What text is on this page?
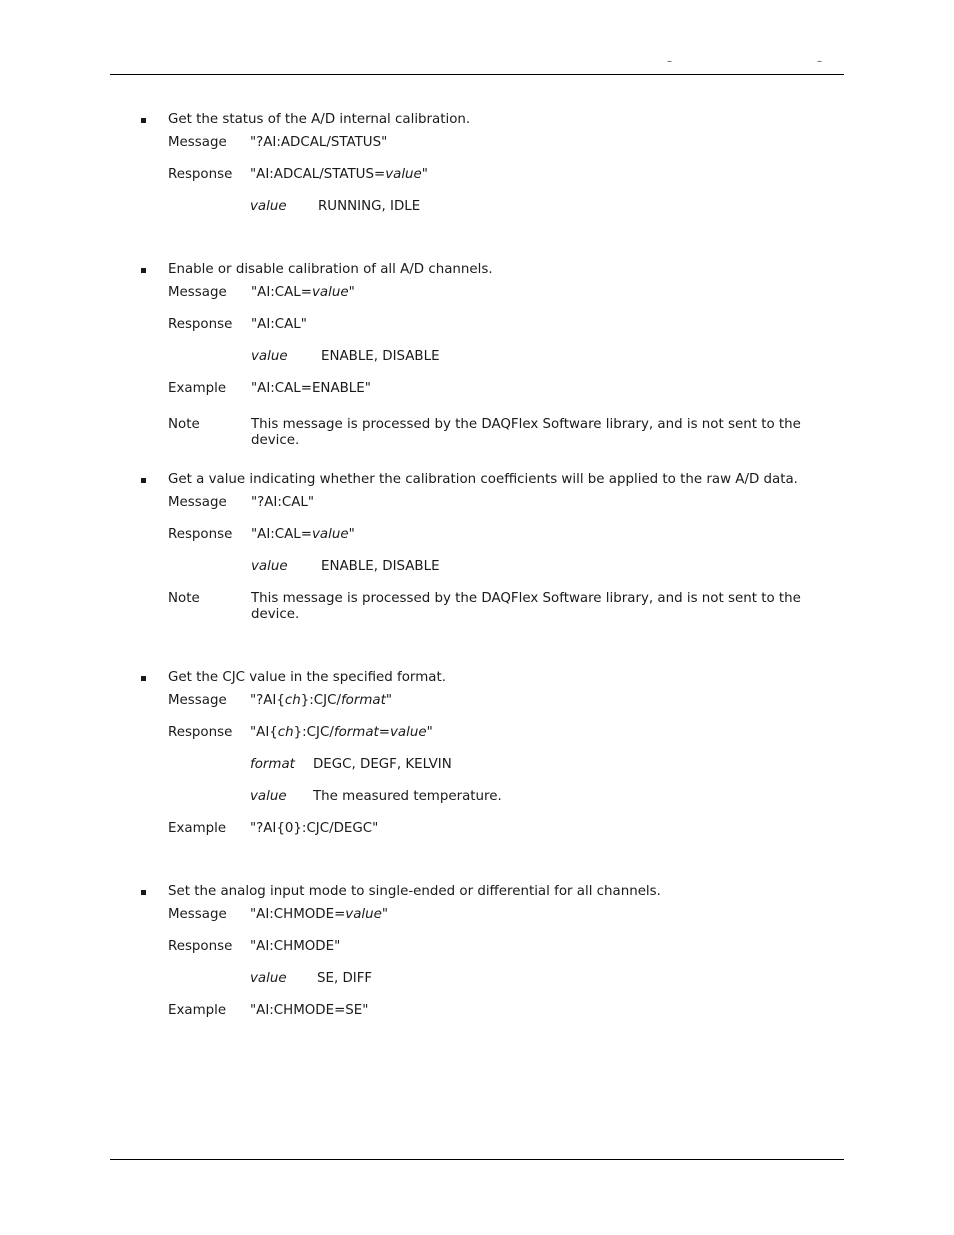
–	–
Get the status of the A/D internal calibration.
Message "?AI:ADCAL/STATUS"
Response "AI:ADCAL/STATUS=value"
value RUNNING, IDLE
Enable or disable calibration of all A/D channels.
Message "AI:CAL=value"
Response "AI:CAL"
value ENABLE, DISABLE
Example "AI:CAL=ENABLE"
Note	This message is processed by the DAQFlex Software library, and is not sent to the device.
Get a value indicating whether the calibration coefficients will be applied to the raw A/D data.
Message "?AI:CAL"
Response "AI:CAL=value"
value ENABLE, DISABLE
Note	This message is processed by the DAQFlex Software library, and is not sent to the device.
Get the CJC value in the specified format.
Message "?AI{ch}:CJC/format"
Response "AI{ch}:CJC/format=value"
format DEGC, DEGF, KELVIN
value The measured temperature.
Example "?AI{0}:CJC/DEGC"
Set the analog input mode to single-ended or differential for all channels.
Message "AI:CHMODE=value"
Response "AI:CHMODE"
value SE, DIFF
Example "AI:CHMODE=SE"
